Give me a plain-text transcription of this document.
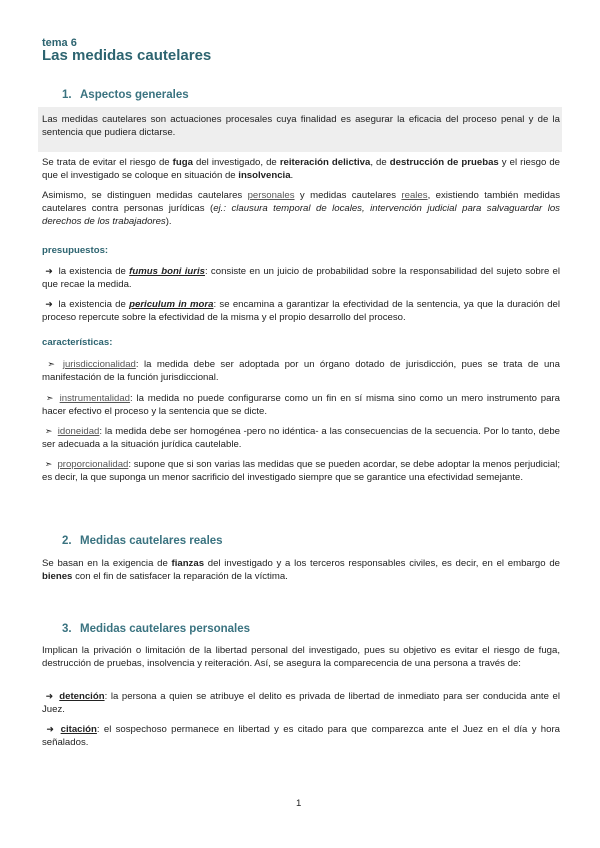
tema 6
Las medidas cautelares
1. Aspectos generales
Las medidas cautelares son actuaciones procesales cuya finalidad es asegurar la eficacia del proceso penal y de la sentencia que pudiera dictarse.
Se trata de evitar el riesgo de fuga del investigado, de reiteración delictiva, de destrucción de pruebas y el riesgo de que el investigado se coloque en situación de insolvencia.
Asimismo, se distinguen medidas cautelares personales y medidas cautelares reales, existiendo también medidas cautelares contra personas jurídicas (ej.: clausura temporal de locales, intervención judicial para salvaguardar los derechos de los trabajadores).
presupuestos:
➜ la existencia de fumus boni iuris: consiste en un juicio de probabilidad sobre la responsabilidad del sujeto sobre el que recae la medida.
➜ la existencia de periculum in mora: se encamina a garantizar la efectividad de la sentencia, ya que la duración del proceso repercute sobre la efectividad de la misma y el propio desarrollo del proceso.
características:
➣ jurisdiccionalidad: la medida debe ser adoptada por un órgano dotado de jurisdicción, pues se trata de una manifestación de la función jurisdiccional.
➣ instrumentalidad: la medida no puede configurarse como un fin en sí misma sino como un mero instrumento para hacer efectivo el proceso y la sentencia que se dicte.
➣ idoneidad: la medida debe ser homogénea -pero no idéntica- a las consecuencias de la secuencia. Por lo tanto, debe ser adecuada a la situación jurídica cautelable.
➣ proporcionalidad: supone que si son varias las medidas que se pueden acordar, se debe adoptar la menos perjudicial; es decir, la que suponga un menor sacrificio del investigado siempre que se garantice una efectividad semejante.
2. Medidas cautelares reales
Se basan en la exigencia de fianzas del investigado y a los terceros responsables civiles, es decir, en el embargo de bienes con el fin de satisfacer la reparación de la víctima.
3. Medidas cautelares personales
Implican la privación o limitación de la libertad personal del investigado, pues su objetivo es evitar el riesgo de fuga, destrucción de pruebas, insolvencia y reiteración. Así, se asegura la comparecencia de una persona a través de:
➜ detención: la persona a quien se atribuye el delito es privada de libertad de inmediato para ser conducida ante el Juez.
➜ citación: el sospechoso permanece en libertad y es citado para que comparezca ante el Juez en el día y hora señalados.
1
